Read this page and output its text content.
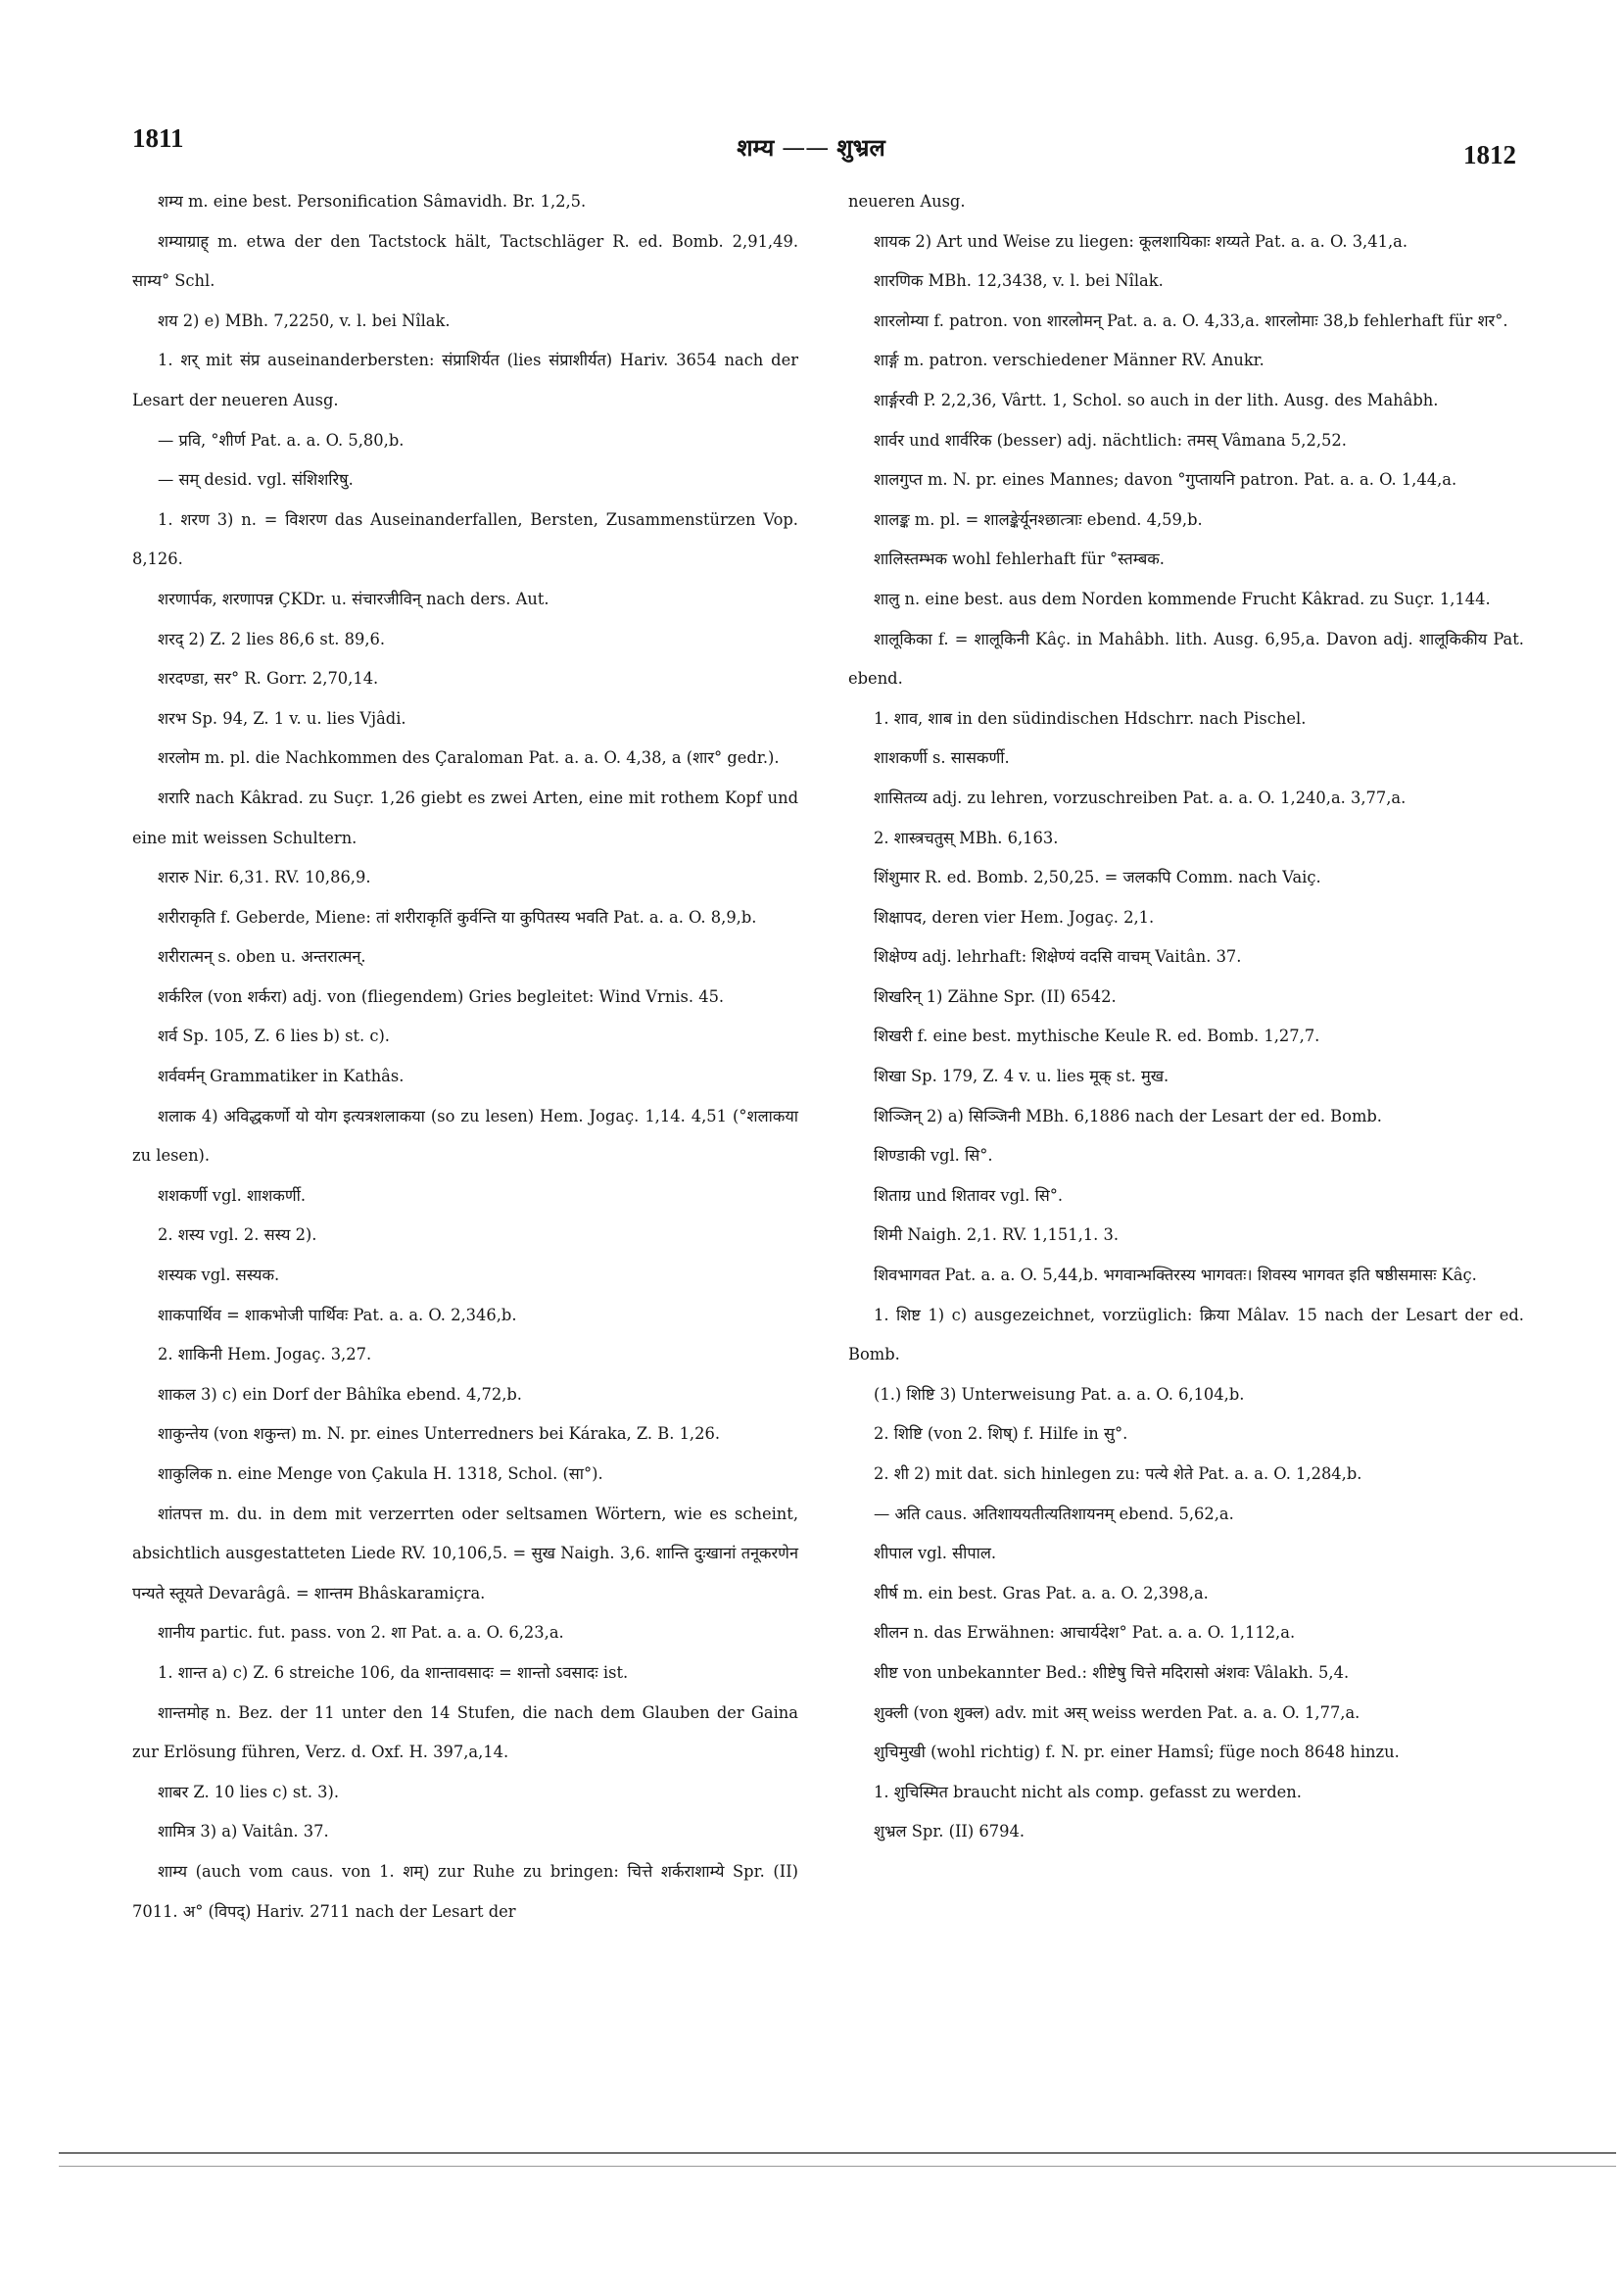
1811	शम्य —— शुभ्रल	1812

शम्य m. eine best. Personification Sâmavidh. Br. 1,2,5.

शम्याग्राह् m. etwa der den Tactstock hält, Tactschläger R. ed. Bomb. 2,91,49. साम्य° Schl.

शय 2) e) MBh. 7,2250, v. l. bei Nîlak.

1. शर् mit संप्र auseinanderbersten: संप्राशिर्यत (lies संप्राशीर्यत) Hariv. 3654 nach der Lesart der neueren Ausg.

— प्रवि, °शीर्ण Pat. a. a. O. 5,80,b.

— सम् desid. vgl. संशिशरिषु.

1. शरण 3) n. = विशरण das Auseinanderfallen, Bersten, Zusammenstürzen Vop. 8,126.

शरणार्पक, शरणापन्न ÇKDr. u. संचारजीविन् nach ders. Aut.

शरद् 2) Z. 2 lies 86,6 st. 89,6.

शरदण्डा, सर° R. Gorr. 2,70,14.

शरभ Sp. 94, Z. 1 v. u. lies Vjâdi.

शरलोम m. pl. die Nachkommen des Çaraloman Pat. a. a. O. 4,38, a (शार° gedr.).

शरारि nach Kâkrad. zu Suçr. 1,26 giebt es zwei Arten, eine mit rothem Kopf und eine mit weissen Schultern.

शरारु Nir. 6,31. RV. 10,86,9.

शरीराकृति f. Geberde, Miene: तां शरीराकृतिं कुर्वन्ति या कुपितस्य भवति Pat. a. a. O. 8,9,b.

शरीरात्मन् s. oben u. अन्तरात्मन्.

शर्करिल (von शर्करा) adj. von (fliegendem) Gries begleitet: Wind Vrnis. 45.

शर्व Sp. 105, Z. 6 lies b) st. c).

शर्ववर्मन् Grammatiker in Kathâs.

शलाक 4) अविद्धकर्णो यो योग इत्यत्रशलाकया (so zu lesen) Hem. Jogaç. 1,14. 4,51 (°शलाकया zu lesen).

शशकर्णी vgl. शाशकर्णी.

2. शस्य vgl. 2. सस्य 2).

शस्यक vgl. सस्यक.

शाकपार्थिव = शाकभोजी पार्थिवः Pat. a. a. O. 2,346,b.

2. शाकिनी Hem. Jogaç. 3,27.

शाकल 3) c) ein Dorf der Bâhîka ebend. 4,72,b.

शाकुन्तेय (von शकुन्त) m. N. pr. eines Unterredners bei Káraka, Z. B. 1,26.

शाकुलिक n. eine Menge von Çakula H. 1318, Schol. (सा°).

शांतपत्त m. du. in dem mit verzerrten oder seltsamen Wörtern, wie es scheint, absichtlich ausgestatteten Liede RV. 10,106,5. = सुख Naigh. 3,6. शान्ति दुःखानां तनूकरणेन पन्यते स्तूयते Devarâgâ. = शान्तम Bhâskaramiçra.

शानीय partic. fut. pass. von 2. शा Pat. a. a. O. 6,23,a.

1. शान्त a) c) Z. 6 streiche 106, da शान्तावसादः = शान्तो ऽवसादः ist.

शान्तमोह n. Bez. der 11 unter den 14 Stufen, die nach dem Glauben der Gaina zur Erlösung führen, Verz. d. Oxf. H. 397,a,14.

शाबर Z. 10 lies c) st. 3).

शामित्र 3) a) Vaitân. 37.

शाम्य (auch vom caus. von 1. शम्) zur Ruhe zu bringen: चित्ते शर्कराशाम्ये Spr. (II) 7011. अ° (विपद्) Hariv. 2711 nach der Lesart der

neueren Ausg.

शायक 2) Art und Weise zu liegen: कूलशायिकाः शय्यते Pat. a. a. O. 3,41,a.

शारणिक MBh. 12,3438, v. l. bei Nîlak.

शारलोम्या f. patron. von शारलोमन् Pat. a. a. O. 4,33,a. शारलोमाः 38,b fehlerhaft für शर°.

शार्ङ्ग m. patron. verschiedener Männer RV. Anukr.

शार्ङ्गरवी P. 2,2,36, Vârtt. 1, Schol. so auch in der lith. Ausg. des Mahâbh.

शार्वर und शार्वरिक (besser) adj. nächtlich: तमस् Vâmana 5,2,52.

शालगुप्त m. N. pr. eines Mannes; davon °गुप्तायनि patron. Pat. a. a. O. 1,44,a.

शालङ्क m. pl. = शालङ्केर्यूनश्छात्त्राः ebend. 4,59,b.

शालिस्तम्भक wohl fehlerhaft für °स्तम्बक.

शालु n. eine best. aus dem Norden kommende Frucht Kâkrad. zu Suçr. 1,144.

शालूकिका f. = शालूकिनी Kâç. in Mahâbh. lith. Ausg. 6,95,a. Davon adj. शालूकिकीय Pat. ebend.

1. शाव, शाब in den südindischen Hdschrr. nach Pischel.

शाशकर्णी s. सासकर्णी.

शासितव्य adj. zu lehren, vorzuschreiben Pat. a. a. O. 1,240,a. 3,77,a.

2. शास्त्रचतुस् MBh. 6,163.

शिंशुमार R. ed. Bomb. 2,50,25. = जलकपि Comm. nach Vaiç.

शिक्षापद, deren vier Hem. Jogaç. 2,1.

शिक्षेण्य adj. lehrhaft: शिक्षेण्यं वदसि वाचम् Vaitân. 37.

शिखरिन् 1) Zähne Spr. (II) 6542.

शिखरी f. eine best. mythische Keule R. ed. Bomb. 1,27,7.

शिखा Sp. 179, Z. 4 v. u. lies मूक् st. मुख.

शिञ्जिन् 2) a) सिञ्जिनी MBh. 6,1886 nach der Lesart der ed. Bomb.

शिण्डाकी vgl. सि°.

शिताग्र und शितावर vgl. सि°.

शिमी Naigh. 2,1. RV. 1,151,1. 3.

शिवभागवत Pat. a. a. O. 5,44,b. भगवान्भक्तिरस्य भागवतः। शिवस्य भागवत इति षष्ठीसमासः Kâç.

1. शिष्ट 1) c) ausgezeichnet, vorzüglich: क्रिया Mâlav. 15 nach der Lesart der ed. Bomb.

(1.) शिष्टि 3) Unterweisung Pat. a. a. O. 6,104,b.

2. शिष्टि (von 2. शिष्) f. Hilfe in सु°.

2. शी 2) mit dat. sich hinlegen zu: पत्ये शेते Pat. a. a. O. 1,284,b.

— अति caus. अतिशाययतीत्यतिशायनम् ebend. 5,62,a.

शीपाल vgl. सीपाल.

शीर्ष m. ein best. Gras Pat. a. a. O. 2,398,a.

शीलन n. das Erwähnen: आचार्यदेश° Pat. a. a. O. 1,112,a.

शीष्ट von unbekannter Bed.: शीष्टेषु चित्ते मदिरासो अंशवः Vâlakh. 5,4.

शुक्ली (von शुक्ल) adv. mit अस् weiss werden Pat. a. a. O. 1,77,a.

शुचिमुखी (wohl richtig) f. N. pr. einer Hamsî; füge noch 8648 hinzu.

1. शुचिस्मित braucht nicht als comp. gefasst zu werden.

शुभ्रल Spr. (II) 6794.
